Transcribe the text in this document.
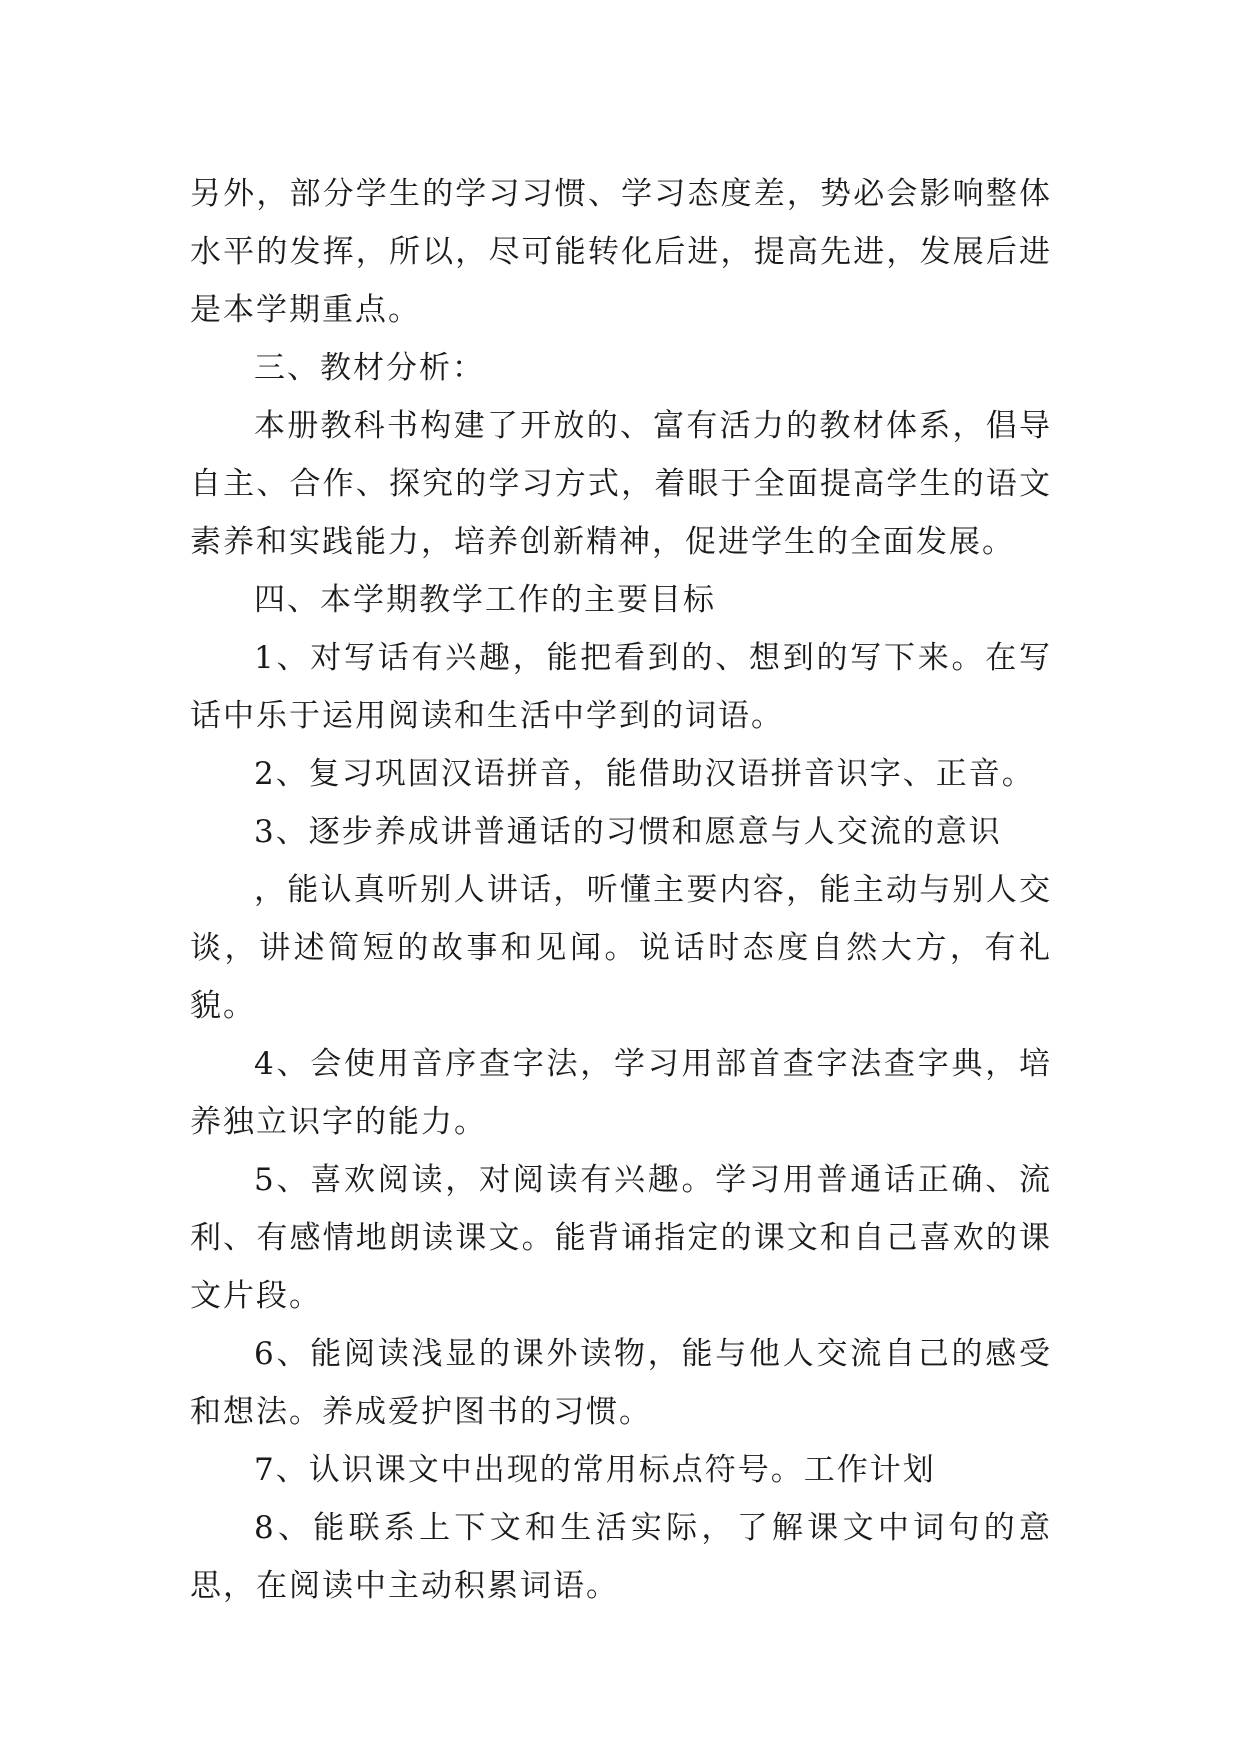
另外，部分学生的学习习惯、学习态度差，势必会影响整体水平的发挥，所以，尽可能转化后进，提高先进，发展后进是本学期重点。

三、教材分析：

本册教科书构建了开放的、富有活力的教材体系，倡导自主、合作、探究的学习方式，着眼于全面提高学生的语文素养和实践能力，培养创新精神，促进学生的全面发展。

四、本学期教学工作的主要目标

1、对写话有兴趣，能把看到的、想到的写下来。在写话中乐于运用阅读和生活中学到的词语。

2、复习巩固汉语拼音，能借助汉语拼音识字、正音。

3、逐步养成讲普通话的习惯和愿意与人交流的意识

，能认真听别人讲话，听懂主要内容，能主动与别人交谈，讲述简短的故事和见闻。说话时态度自然大方，有礼貌。

4、会使用音序查字法，学习用部首查字法查字典，培养独立识字的能力。

5、喜欢阅读，对阅读有兴趣。学习用普通话正确、流利、有感情地朗读课文。能背诵指定的课文和自己喜欢的课文片段。

6、能阅读浅显的课外读物，能与他人交流自己的感受和想法。养成爱护图书的习惯。

7、认识课文中出现的常用标点符号。工作计划

8、能联系上下文和生活实际，了解课文中词句的意思，在阅读中主动积累词语。
